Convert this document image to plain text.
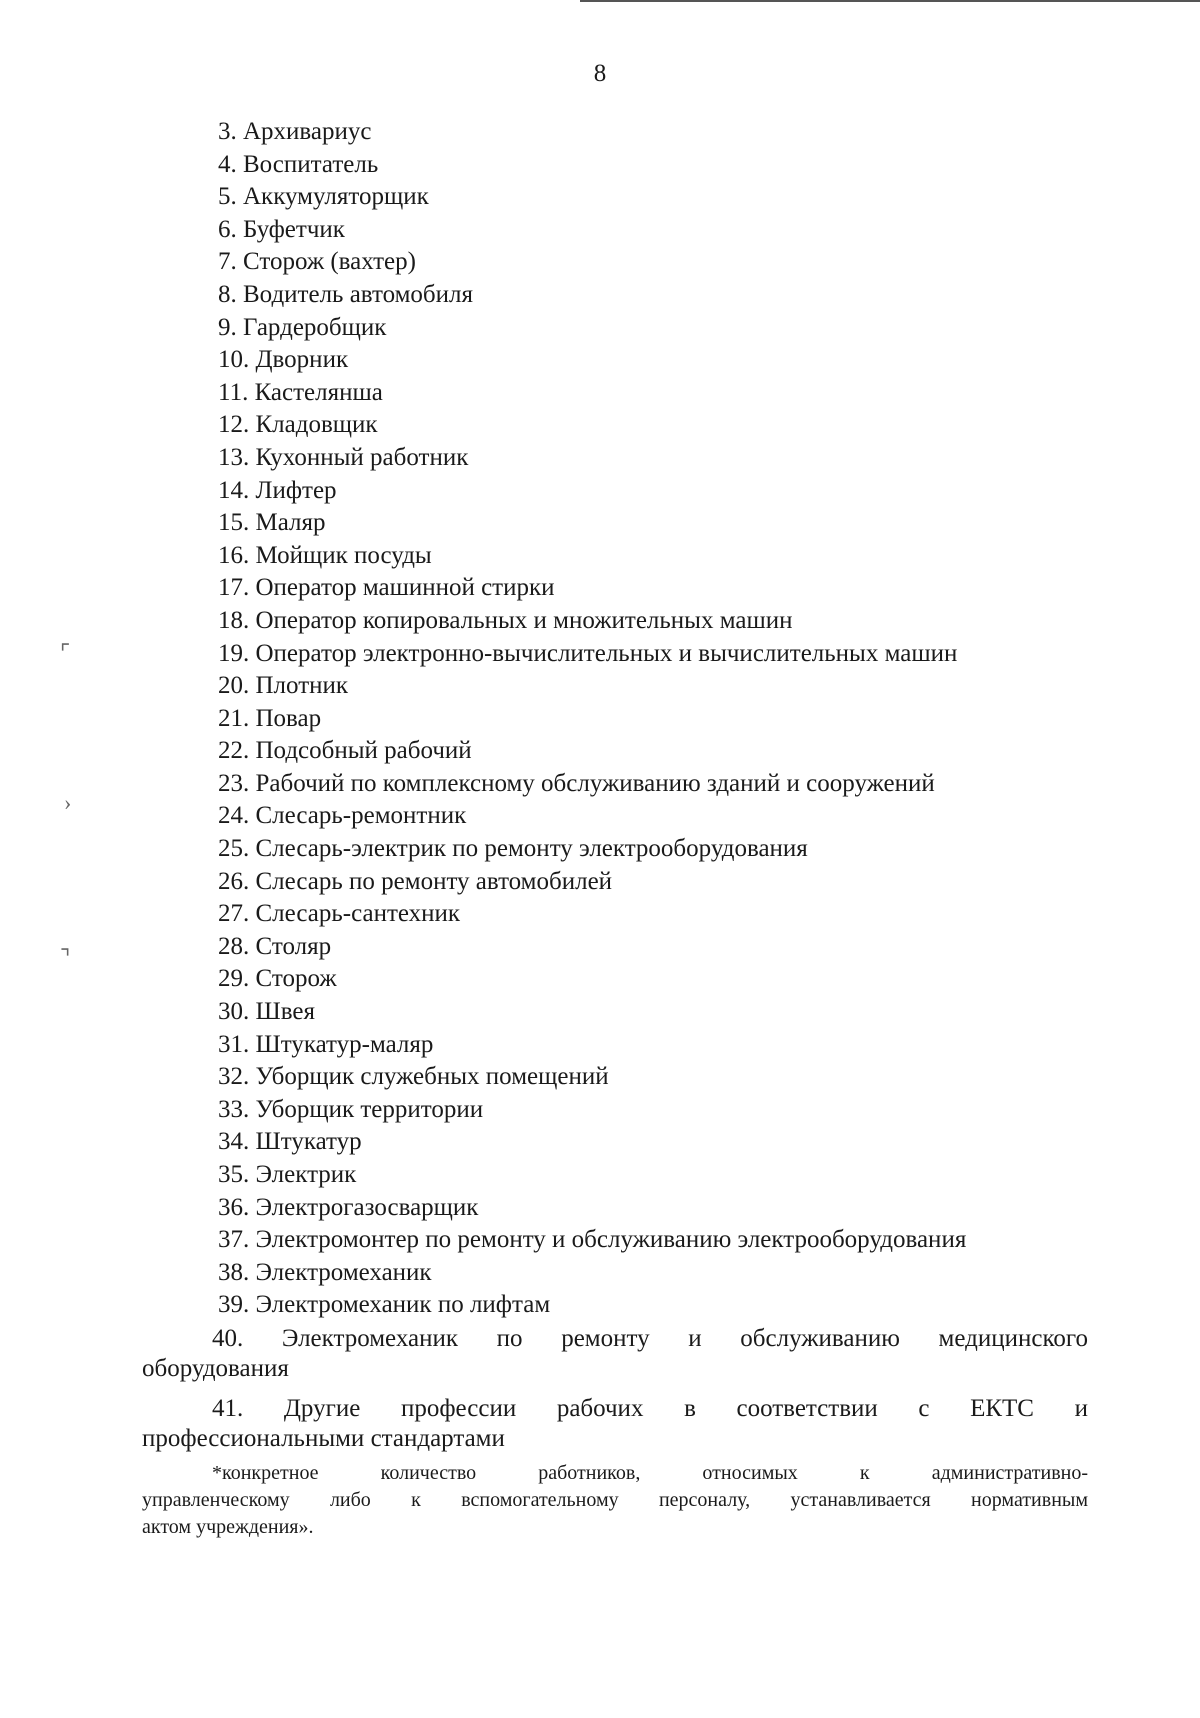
8
3. Архивариус
4. Воспитатель
5. Аккумуляторщик
6. Буфетчик
7. Сторож (вахтер)
8. Водитель автомобиля
9. Гардеробщик
10. Дворник
11. Кастелянша
12. Кладовщик
13. Кухонный работник
14. Лифтер
15. Маляр
16. Мойщик посуды
17. Оператор машинной стирки
18. Оператор копировальных и множительных машин
19. Оператор электронно-вычислительных и вычислительных машин
20. Плотник
21. Повар
22. Подсобный рабочий
23. Рабочий по комплексному обслуживанию зданий и сооружений
24. Слесарь-ремонтник
25. Слесарь-электрик по ремонту электрооборудования
26. Слесарь по ремонту автомобилей
27. Слесарь-сантехник
28. Столяр
29. Сторож
30. Швея
31. Штукатур-маляр
32. Уборщик служебных помещений
33. Уборщик территории
34. Штукатур
35. Электрик
36. Электрогазосварщик
37. Электромонтер по ремонту и обслуживанию электрооборудования
38. Электромеханик
39. Электромеханик по лифтам
40. Электромеханик по ремонту и обслуживанию медицинского
оборудования
41. Другие профессии рабочих в соответствии с ЕКТС и
профессиональными стандартами
*конкретное количество работников, относимых к административно-
управленческому либо к вспомогательному персоналу, устанавливается нормативным
актом учреждения».
⌜
›
⌝
